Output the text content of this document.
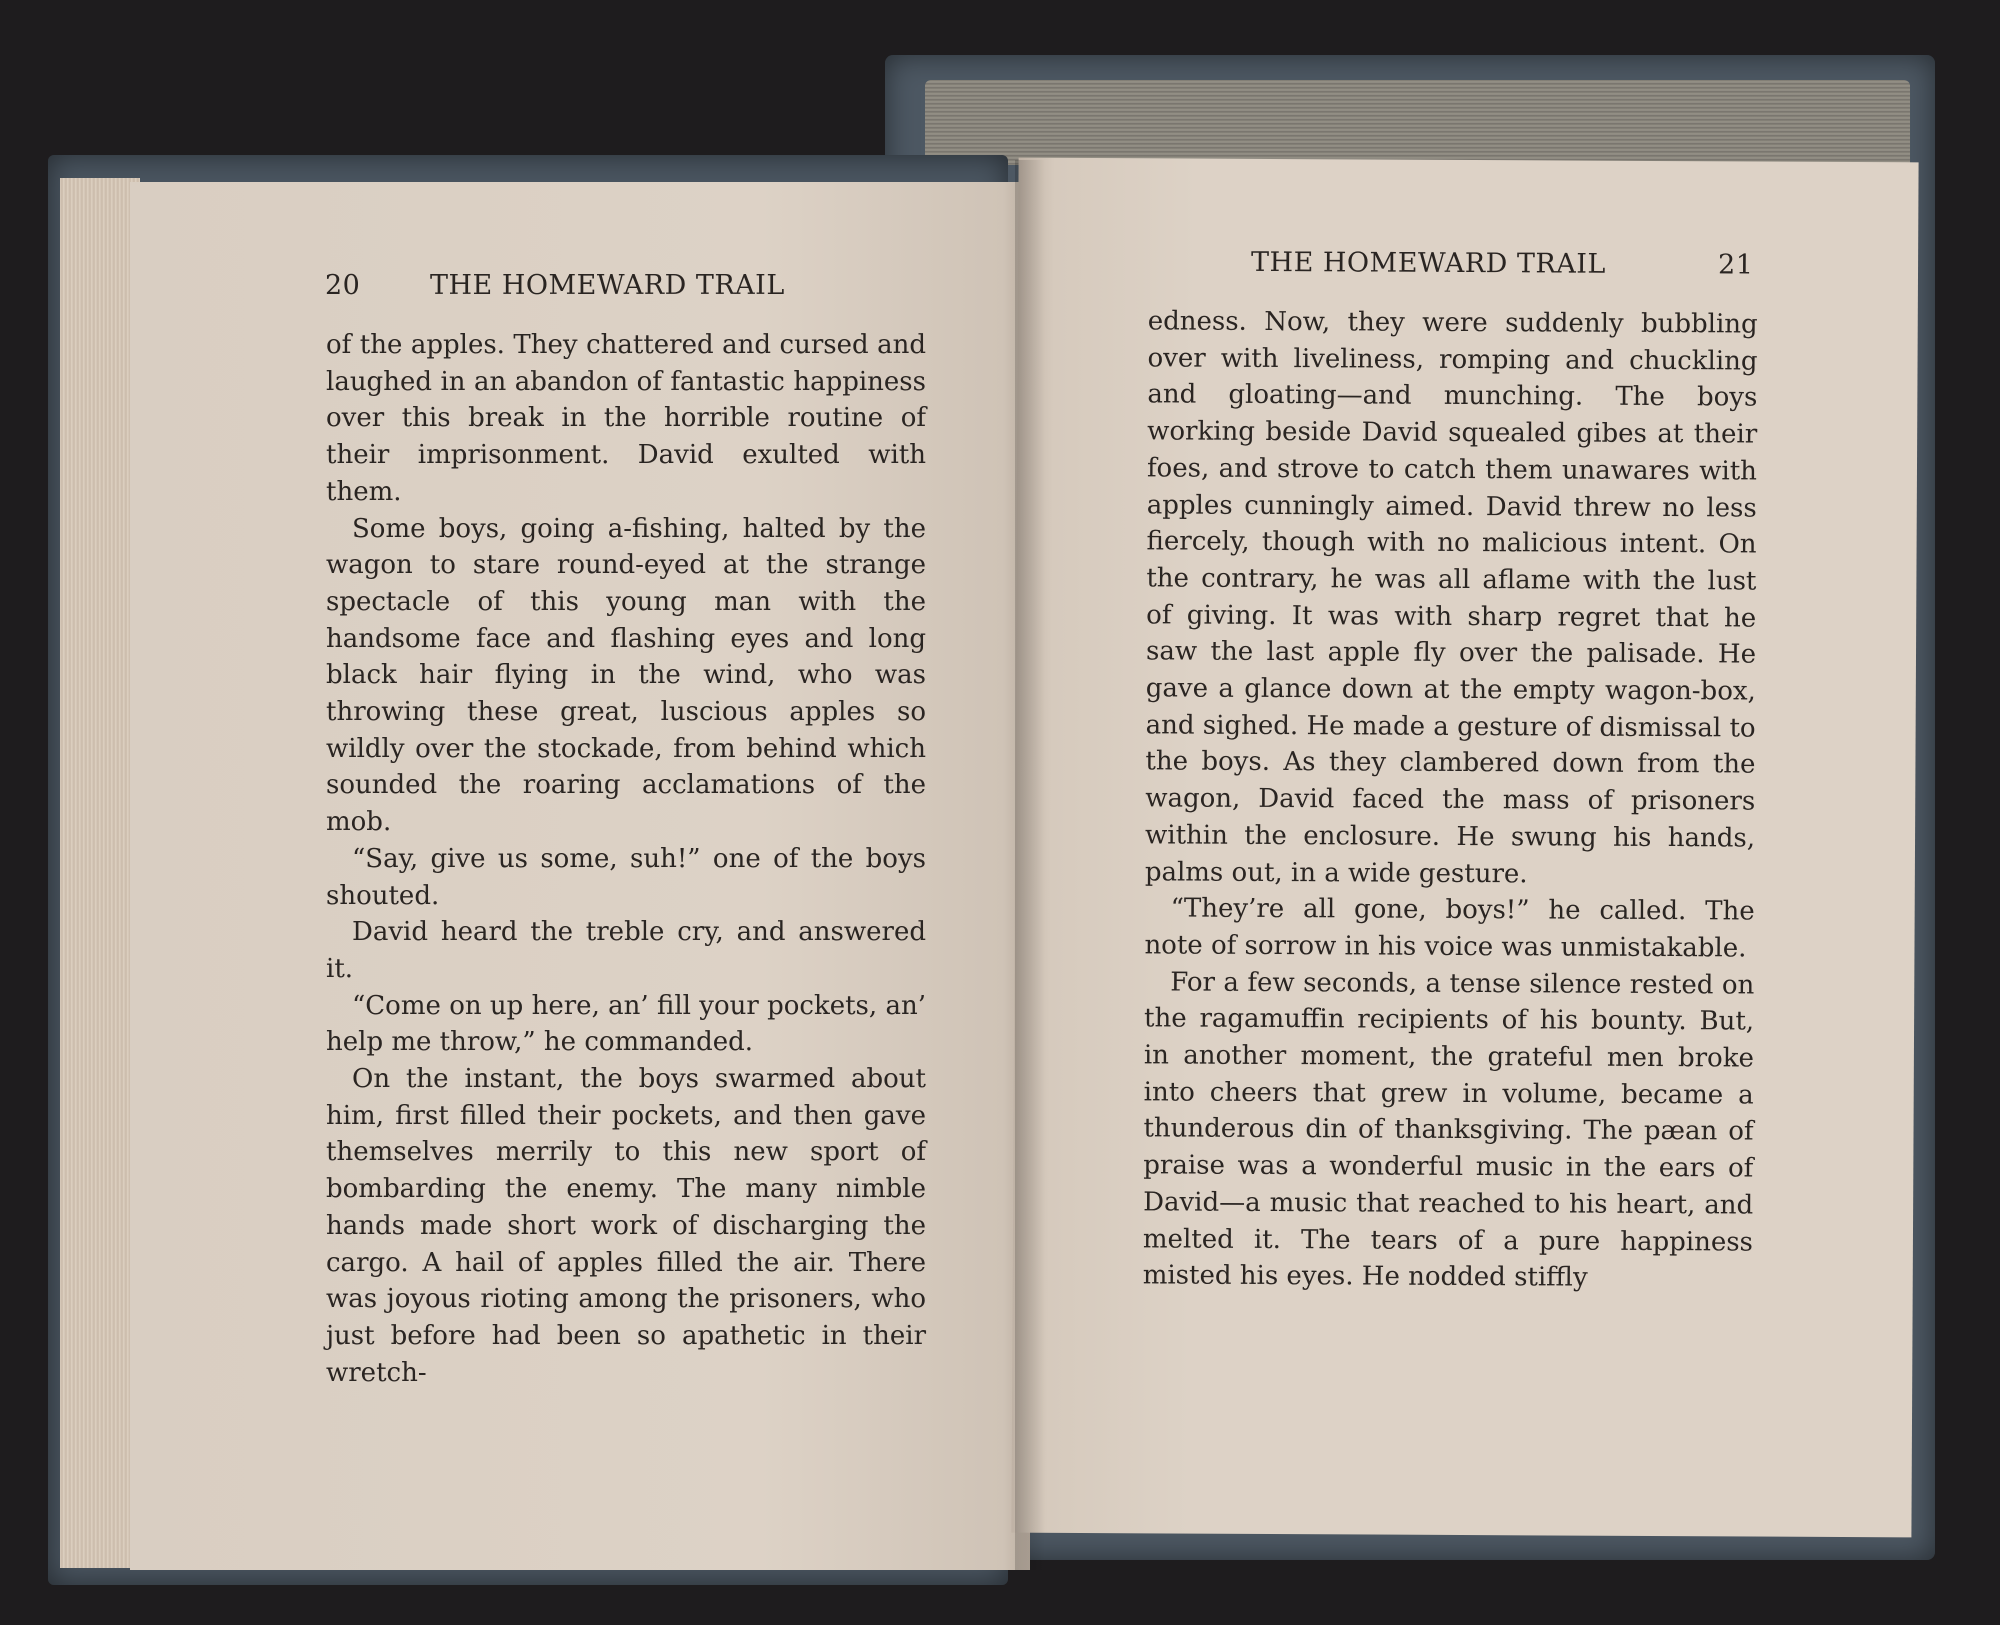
20	THE HOMEWARD TRAIL

of the apples. They chattered and cursed and laughed in an abandon of fantastic happiness over this break in the horrible routine of their imprisonment. David exulted with them.

Some boys, going a-fishing, halted by the wagon to stare round-eyed at the strange spectacle of this young man with the handsome face and flashing eyes and long black hair flying in the wind, who was throwing these great, luscious apples so wildly over the stockade, from behind which sounded the roaring acclamations of the mob.

“Say, give us some, suh!” one of the boys shouted.

David heard the treble cry, and answered it.

“Come on up here, an’ fill your pockets, an’ help me throw,” he commanded.

On the instant, the boys swarmed about him, first filled their pockets, and then gave themselves merrily to this new sport of bombarding the enemy. The many nimble hands made short work of discharging the cargo. A hail of apples filled the air. There was joyous rioting among the prisoners, who just before had been so apathetic in their wretch-

THE HOMEWARD TRAIL	21

edness. Now, they were suddenly bubbling over with liveliness, romping and chuckling and gloating—and munching. The boys working beside David squealed gibes at their foes, and strove to catch them unawares with apples cunningly aimed. David threw no less fiercely, though with no malicious intent. On the contrary, he was all aflame with the lust of giving. It was with sharp regret that he saw the last apple fly over the palisade. He gave a glance down at the empty wagon-box, and sighed. He made a gesture of dismissal to the boys. As they clambered down from the wagon, David faced the mass of prisoners within the enclosure. He swung his hands, palms out, in a wide gesture.

“They’re all gone, boys!” he called. The note of sorrow in his voice was unmistakable.

For a few seconds, a tense silence rested on the ragamuffin recipients of his bounty. But, in another moment, the grateful men broke into cheers that grew in volume, became a thunderous din of thanksgiving. The pæan of praise was a wonderful music in the ears of David—a music that reached to his heart, and melted it. The tears of a pure happiness misted his eyes. He nodded stiffly
